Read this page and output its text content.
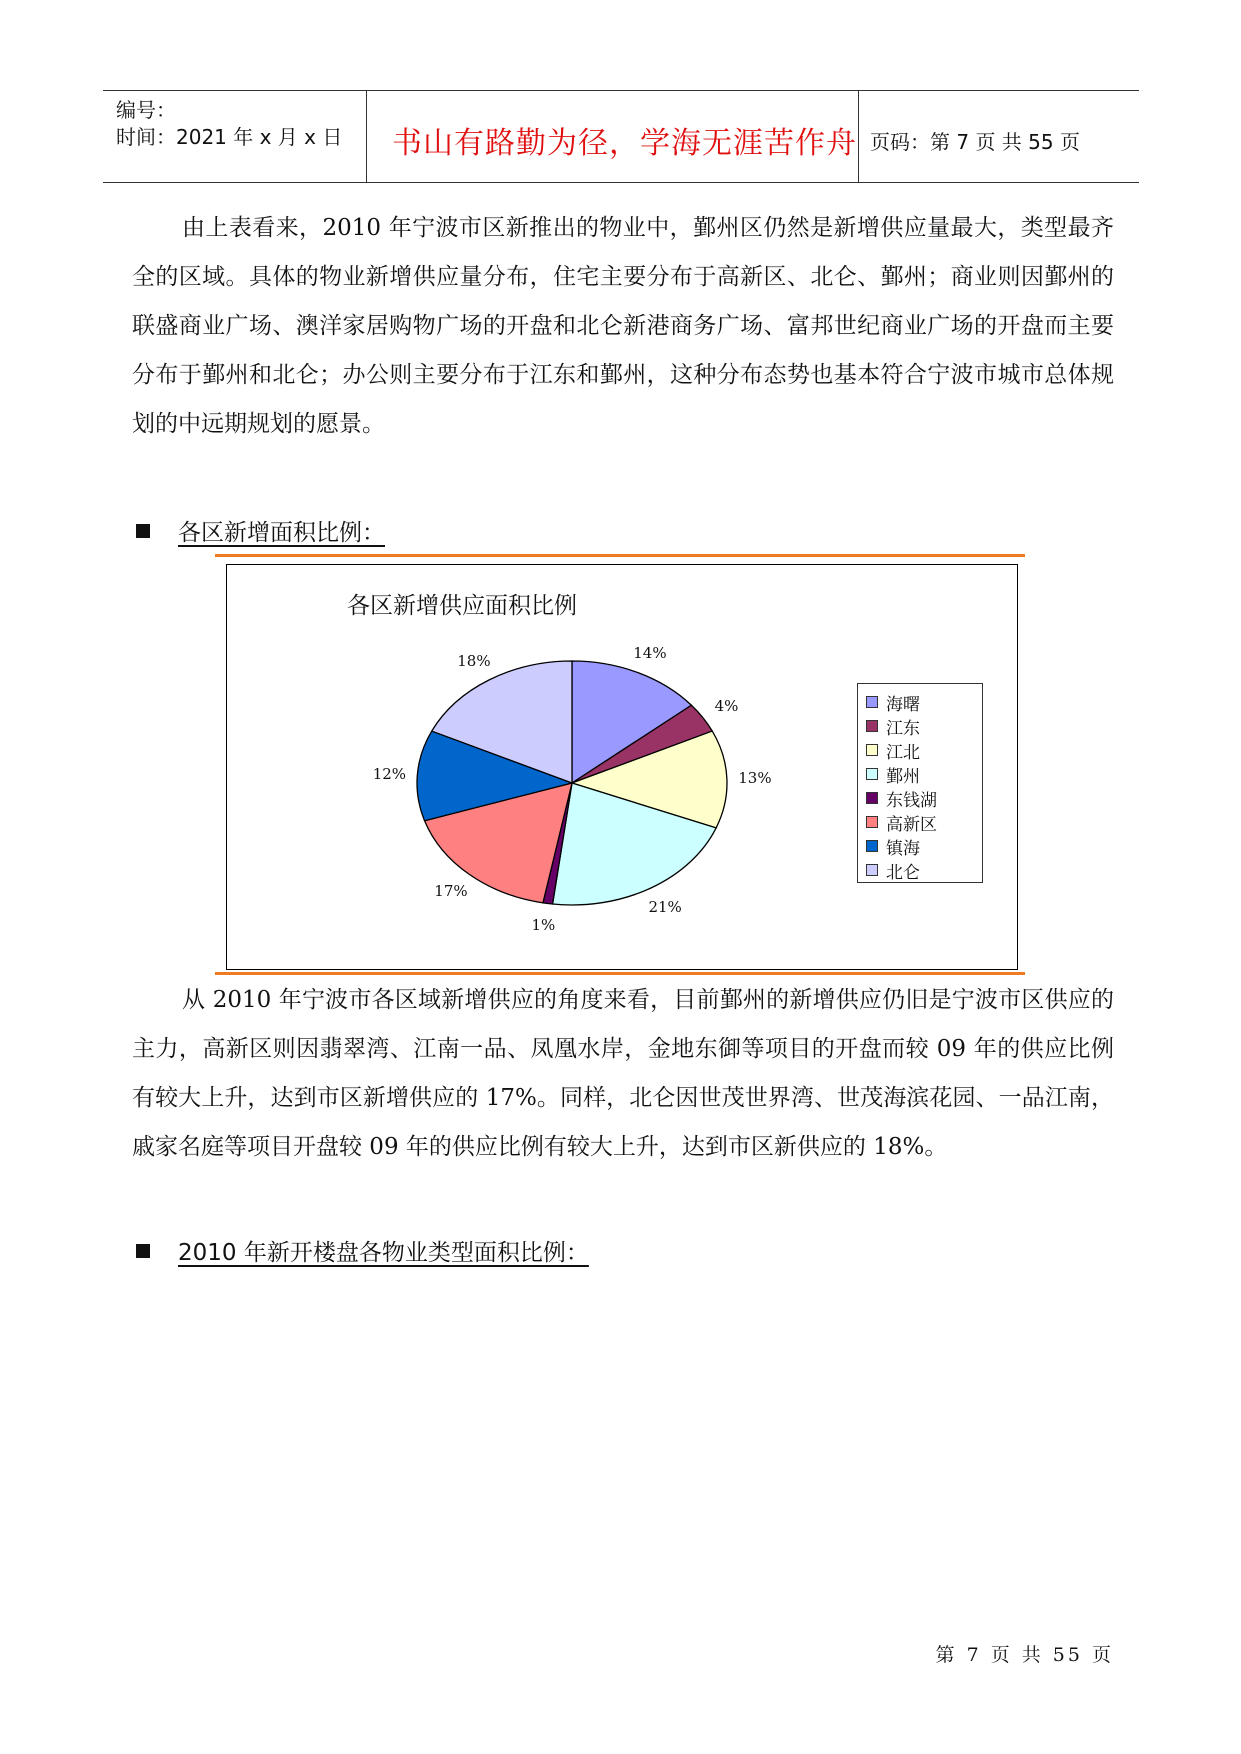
编号：
时间：2021 年 x 月 x 日 书山有路勤为径，学海无涯苦作舟 页码：第 7 页 共 55 页
由上表看来，2010 年宁波市区新推出的物业中，鄞州区仍然是新增供应量最大，类型最齐全的区域。具体的物业新增供应量分布，住宅主要分布于高新区、北仑、鄞州；商业则因鄞州的联盛商业广场、澳洋家居购物广场的开盘和北仑新港商务广场、富邦世纪商业广场的开盘而主要分布于鄞州和北仑；办公则主要分布于江东和鄞州，这种分布态势也基本符合宁波市城市总体规划的中远期规划的愿景。
各区新增面积比例：
各区新增供应面积比例
14%
4%
13%
21%
1%
17%
12%
18%
海曙
江东
江北
鄞州
东钱湖
高新区
镇海
北仑
从 2010 年宁波市各区域新增供应的角度来看，目前鄞州的新增供应仍旧是宁波市区供应的主力，高新区则因翡翠湾、江南一品、凤凰水岸，金地东御等项目的开盘而较 09 年的供应比例有较大上升，达到市区新增供应的 17%。同样，北仑因世茂世界湾、世茂海滨花园、一品江南，戚家名庭等项目开盘较 09 年的供应比例有较大上升，达到市区新供应的 18%。
2010 年新开楼盘各物业类型面积比例：
第 7 页 共 55 页
